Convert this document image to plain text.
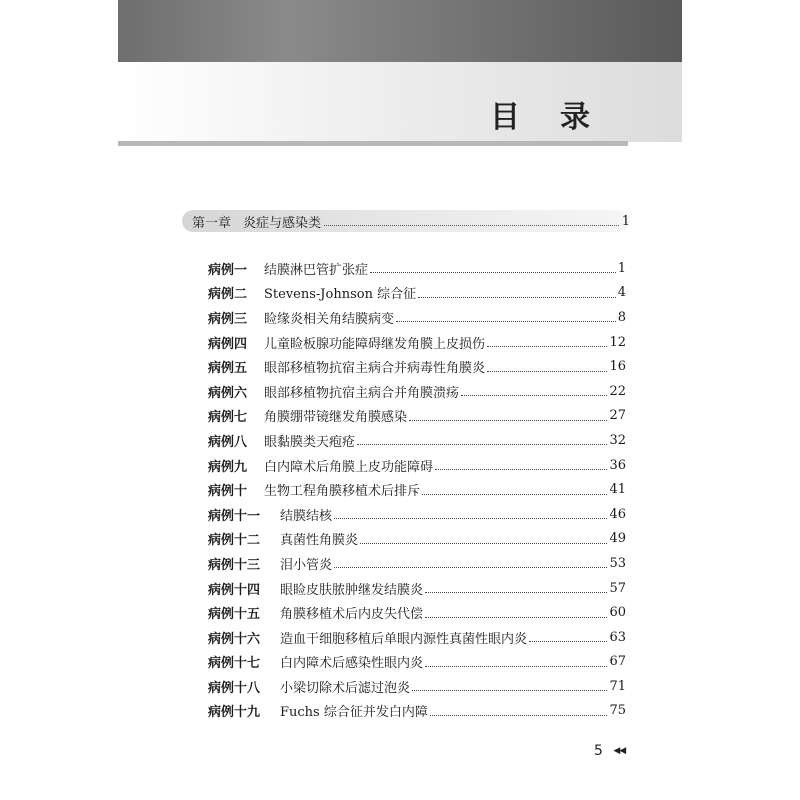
目录
第一章 炎症与感染类	1
病例一	结膜淋巴管扩张症	1
病例二	Stevens-Johnson 综合征	4
病例三	睑缘炎相关角结膜病变	8
病例四	儿童睑板腺功能障碍继发角膜上皮损伤	12
病例五	眼部移植物抗宿主病合并病毒性角膜炎	16
病例六	眼部移植物抗宿主病合并角膜溃疡	22
病例七	角膜绷带镜继发角膜感染	27
病例八	眼黏膜类天疱疮	32
病例九	白内障术后角膜上皮功能障碍	36
病例十	生物工程角膜移植术后排斥	41
病例十一	结膜结核	46
病例十二	真菌性角膜炎	49
病例十三	泪小管炎	53
病例十四	眼睑皮肤脓肿继发结膜炎	57
病例十五	角膜移植术后内皮失代偿	60
病例十六	造血干细胞移植后单眼内源性真菌性眼内炎	63
病例十七	白内障术后感染性眼内炎	67
病例十八	小梁切除术后滤过泡炎	71
病例十九	Fuchs 综合征并发白内障	75
5 ◀◀
